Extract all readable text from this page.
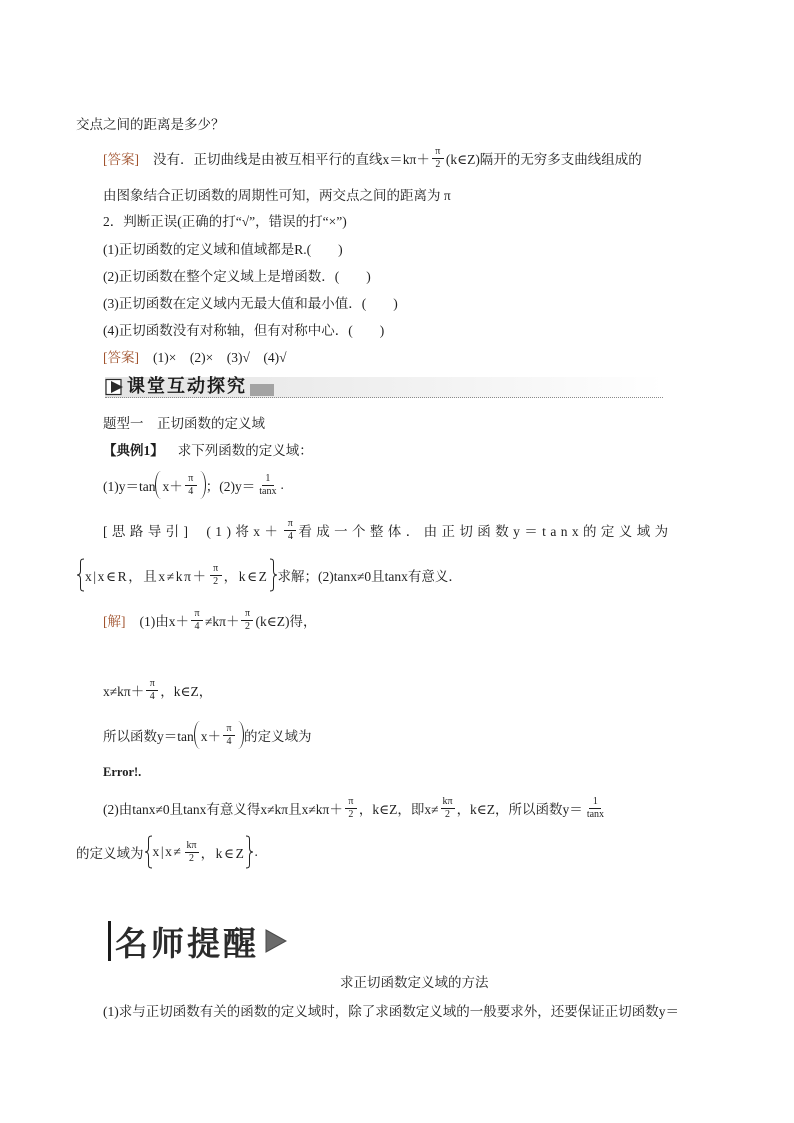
交点之间的距离是多少？
[答案] 没有．正切曲线是由被互相平行的直线$x=k\pi+ \frac{\pi}{2}$ (k∈Z)隔开的无穷多支曲线组成的
由图象结合正切函数的周期性可知，两交点之间的距离为 π
2．判断正误(正确的打“√”，错误的打“×”)
(1)正切函数的定义域和值域都是R.(　　)
(2)正切函数在整个定义域上是增函数．(　　)
(3)正切函数在定义域内无最大值和最小值．(　　)
(4)正切函数没有对称轴，但有对称中心．(　　)
[答案] (1)×　(2)×　(3)√　(4)√
课堂互动探究
题型一　正切函数的定义域
【典例1】 求下列函数的定义域：
(1)y＝tan $x+ \frac{\pi}{4}$ ；$(2)y= \frac{1}{\tan x}$ .
[思路导引] (1)将$x+ \frac{\pi}{4}$ 看成一个整体．由正切函数y＝tanx的定义域为
x|x∈R，且$x\ne k\pi+ \frac{\pi}{2}$ ，k∈Z 求解；(2)tanx≠0且tanx有意义．
[解] (1)由$x+ \frac{\pi}{4} \ne k\pi+ \frac{\pi}{2}$ (k∈Z)得，
$x\ne k\pi+ \frac{\pi}{4}$ ，k∈Z，
所以函数y＝tan $x+ \frac{\pi}{4}$ 的定义域为
Error!.
(2)由tanx≠0且tanx有意义得x≠kπ且$x\ne k\pi+ \frac{\pi}{2}$ ，k∈Z，即$x\ne \frac{k\pi}{2}$ ，k∈Z，所以函数$y= \frac{1}{\tan x}$
的定义域为 $x|x\ne \frac{k\pi}{2}$ ，k∈Z .
名师提醒
求正切函数定义域的方法
(1)求与正切函数有关的函数的定义域时，除了求函数定义域的一般要求外，还要保证正切函数y＝
